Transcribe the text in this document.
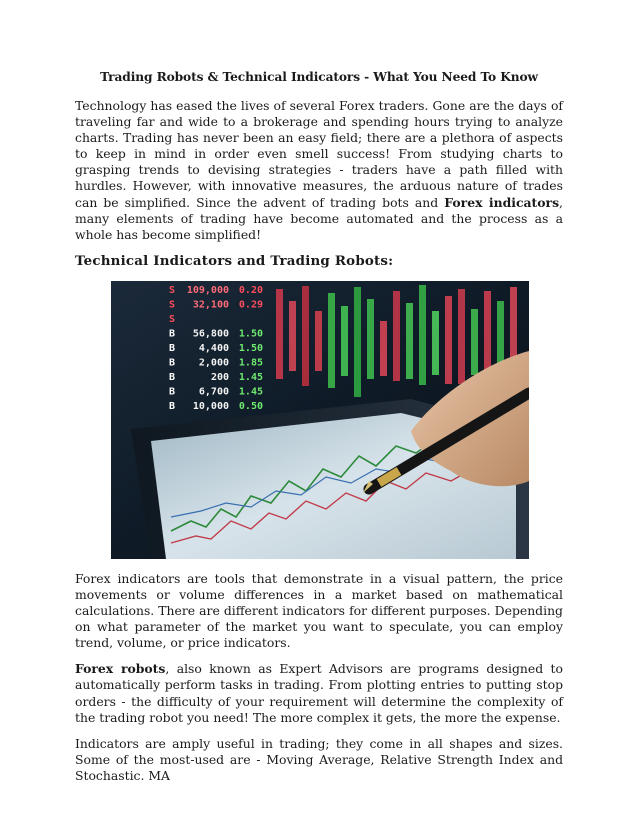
Trading Robots & Technical Indicators - What You Need To Know

Technology has eased the lives of several Forex traders. Gone are the days of traveling far and wide to a brokerage and spending hours trying to analyze charts. Trading has never been an easy field; there are a plethora of aspects to keep in mind in order even smell success! From studying charts to grasping trends to devising strategies - traders have a path filled with hurdles. However, with innovative measures, the arduous nature of trades can be simplified. Since the advent of trading bots and Forex indicators, many elements of trading have become automated and the process as a whole has become simplified!

Technical Indicators and Trading Robots:
S 109,000 0.20
S 32,100 0.29
S
B 56,800 1.50
B 4,400 1.50
B 2,000 1.85
B	200 1.45
B 6,700 1.45
B 10,000 0.50

Forex indicators are tools that demonstrate in a visual pattern, the price movements or volume differences in a market based on mathematical calculations. There are different indicators for different purposes. Depending on what parameter of the market you want to speculate, you can employ trend, volume, or price indicators.

Forex robots, also known as Expert Advisors are programs designed to automatically perform tasks in trading. From plotting entries to putting stop orders - the difficulty of your requirement will determine the complexity of the trading robot you need! The more complex it gets, the more the expense.

Indicators are amply useful in trading; they come in all shapes and sizes. Some of the most-used are - Moving Average, Relative Strength Index and Stochastic. MA
